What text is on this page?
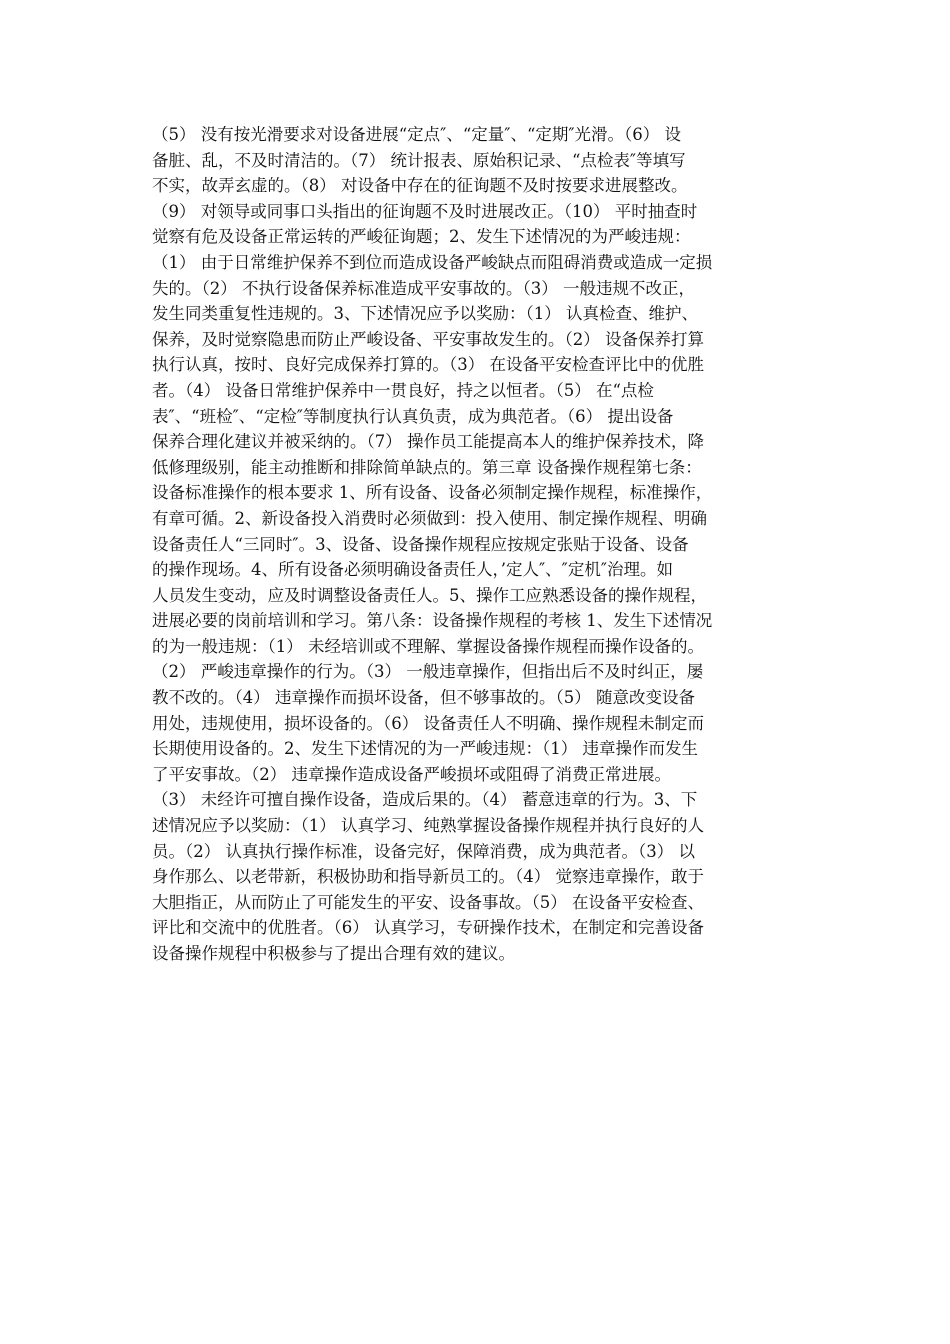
（5） 没有按光滑要求对设备进展“定点″、“定量″、“定期″光滑。（6） 设
备脏、乱，不及时清洁的。（7） 统计报表、原始积记录、“点检表″等填写
不实，故弄玄虚的。（8） 对设备中存在的征询题不及时按要求进展整改。
（9） 对领导或同事口头指出的征询题不及时进展改正。（10） 平时抽查时
觉察有危及设备正常运转的严峻征询题；2、发生下述情况的为严峻违规：
（1） 由于日常维护保养不到位而造成设备严峻缺点而阻碍消费或造成一定损
失的。（2） 不执行设备保养标准造成平安事故的。（3） 一般违规不改正，
发生同类重复性违规的。3、下述情况应予以奖励：（1） 认真检查、维护、
保养，及时觉察隐患而防止严峻设备、平安事故发生的。（2） 设备保养打算
执行认真，按时、良好完成保养打算的。（3） 在设备平安检查评比中的优胜
者。（4） 设备日常维护保养中一贯良好，持之以恒者。（5） 在“点检
表″、“班检″、“定检″等制度执行认真负责，成为典范者。（6） 提出设备
保养合理化建议并被采纳的。（7） 操作员工能提高本人的维护保养技术，降
低修理级别，能主动推断和排除简单缺点的。第三章 设备操作规程第七条：
设备标准操作的根本要求 1、所有设备、设备必须制定操作规程，标准操作，
有章可循。2、新设备投入消费时必须做到：投入使用、制定操作规程、明确
设备责任人“三同时″。3、设备、设备操作规程应按规定张贴于设备、设备
的操作现场。4、所有设备必须明确设备责任人，’定人″、″定机″治理。如
人员发生变动，应及时调整设备责任人。5、操作工应熟悉设备的操作规程，
进展必要的岗前培训和学习。第八条：设备操作规程的考核 1、发生下述情况
的为一般违规：（1） 未经培训或不理解、掌握设备操作规程而操作设备的。
（2） 严峻违章操作的行为。（3） 一般违章操作，但指出后不及时纠正，屡
教不改的。（4） 违章操作而损坏设备，但不够事故的。（5） 随意改变设备
用处，违规使用，损坏设备的。（6） 设备责任人不明确、操作规程未制定而
长期使用设备的。2、发生下述情况的为一严峻违规：（1） 违章操作而发生
了平安事故。（2） 违章操作造成设备严峻损坏或阻碍了消费正常进展。
（3） 未经许可擅自操作设备，造成后果的。（4） 蓄意违章的行为。3、下
述情况应予以奖励：（1） 认真学习、纯熟掌握设备操作规程并执行良好的人
员。（2） 认真执行操作标准，设备完好，保障消费，成为典范者。（3） 以
身作那么、以老带新，积极协助和指导新员工的。（4） 觉察违章操作，敢于
大胆指正，从而防止了可能发生的平安、设备事故。（5） 在设备平安检查、
评比和交流中的优胜者。（6） 认真学习，专研操作技术，在制定和完善设备
设备操作规程中积极参与了提出合理有效的建议。
